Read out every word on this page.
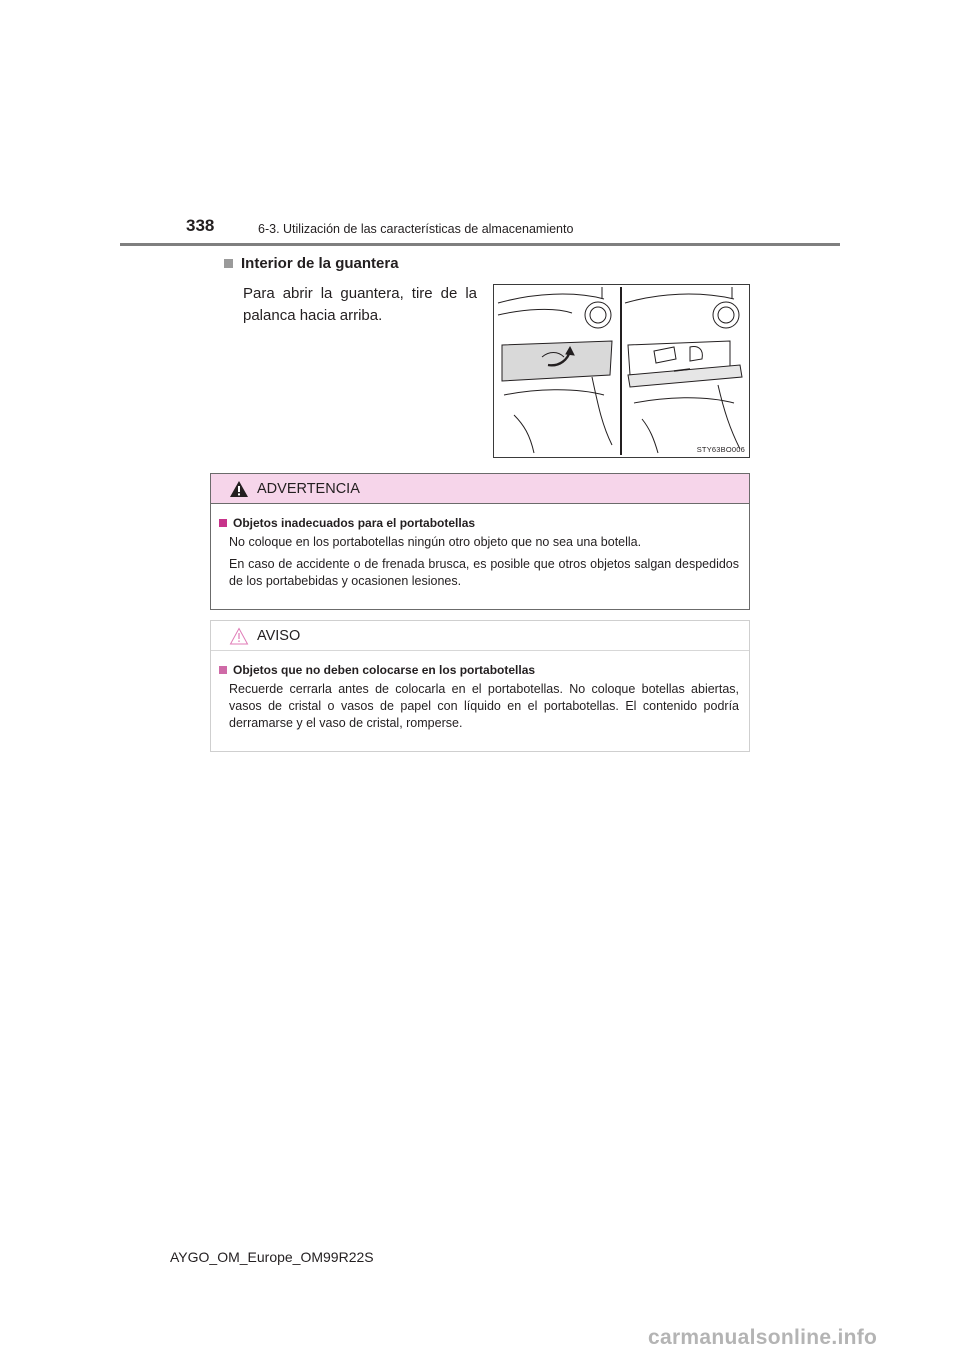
338	6-3. Utilización de las características de almacenamiento
Interior de la guantera
Para abrir la guantera, tire de la palanca hacia arriba.
STY63BO006
ADVERTENCIA
Objetos inadecuados para el portabotellas

No coloque en los portabotellas ningún otro objeto que no sea una botella.

En caso de accidente o de frenada brusca, es posible que otros objetos salgan despedidos de los portabebidas y ocasionen lesiones.

AVISO
Objetos que no deben colocarse en los portabotellas

Recuerde cerrarla antes de colocarla en el portabotellas. No coloque botellas abiertas, vasos de cristal o vasos de papel con líquido en el portabotellas. El contenido podría derramarse y el vaso de cristal, romperse.

AYGO_OM_Europe_OM99R22S
carmanualsonline.info
